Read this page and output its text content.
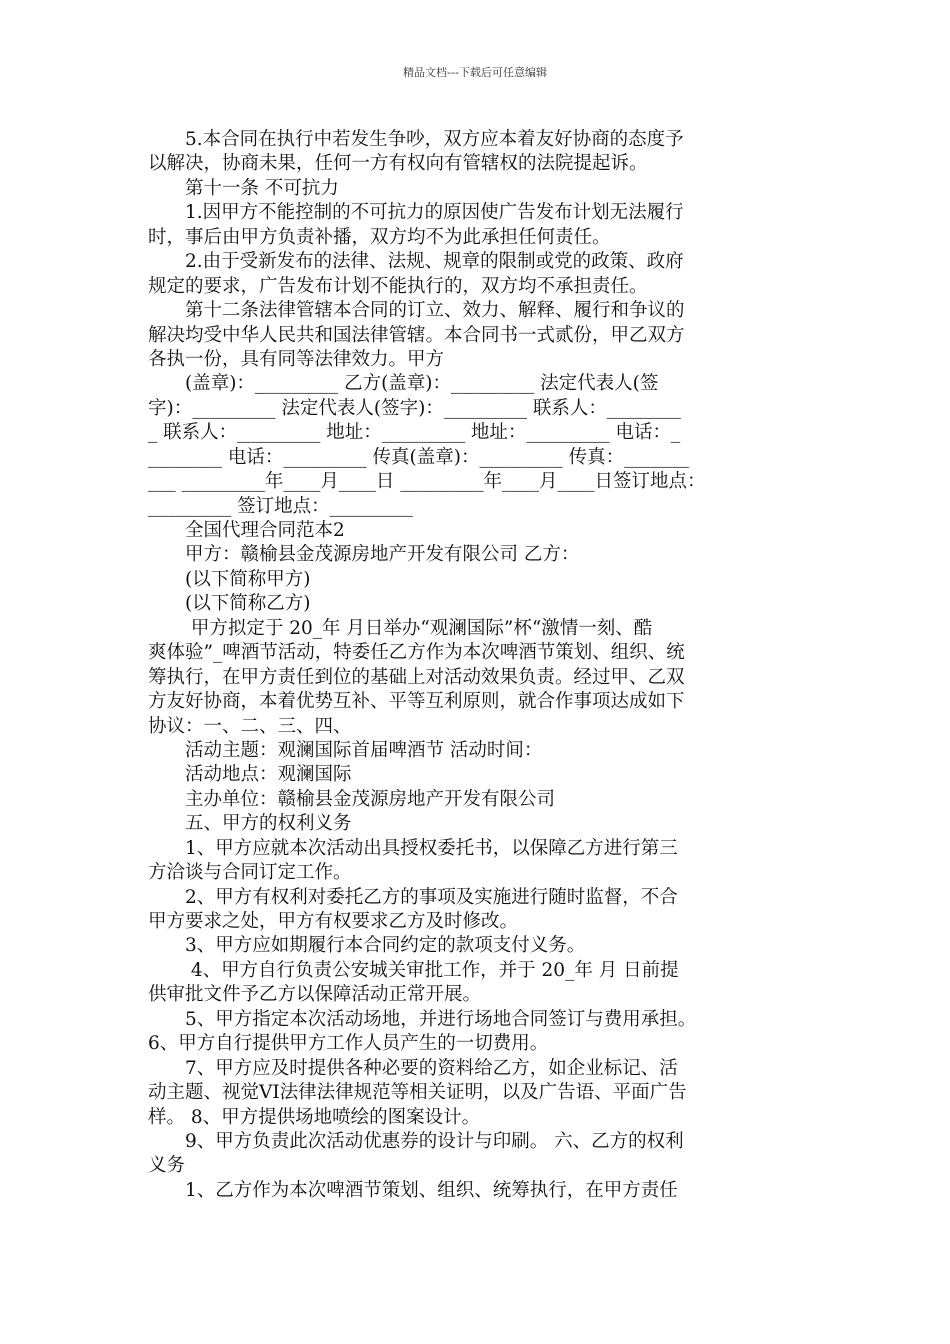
精品文档---下载后可任意编辑
　　5.本合同在执行中若发生争吵，双方应本着友好协商的态度予
以解决，协商未果，任何一方有权向有管辖权的法院提起诉。
　　第十一条 不可抗力
　　1.因甲方不能控制的不可抗力的原因使广告发布计划无法履行
时，事后由甲方负责补播，双方均不为此承担任何责任。
　　2.由于受新发布的法律、法规、规章的限制或党的政策、政府
规定的要求，广告发布计划不能执行的，双方均不承担责任。
　　第十二条法律管辖本合同的订立、效力、解释、履行和争议的
解决均受中华人民共和国法律管辖。本合同书一式贰份，甲乙双方
各执一份，具有同等法律效力。甲方
　　(盖章)：_________ 乙方(盖章)：_________ 法定代表人(签
字)：_________ 法定代表人(签字)：_________ 联系人：________
_ 联系人：_________ 地址：_________ 地址：_________ 电话：_
________ 电话：_________ 传真(盖章)：_________ 传真：_______
___ _________年____月____日 _________年____月____日签订地点：
_________ 签订地点：_________
　　全国代理合同范本2
　　甲方：赣榆县金茂源房地产开发有限公司 乙方：
　　(以下简称甲方)
　　(以下简称乙方)
　　 甲方拟定于 20_年 月日举办“观澜国际”杯“激情一刻、酷
爽体验”_啤酒节活动，特委任乙方作为本次啤酒节策划、组织、统
筹执行，在甲方责任到位的基础上对活动效果负责。经过甲、乙双
方友好协商，本着优势互补、平等互利原则，就合作事项达成如下
协议：一、二、三、四、
　　活动主题：观澜国际首届啤酒节 活动时间：
　　活动地点：观澜国际
　　主办单位：赣榆县金茂源房地产开发有限公司
　　五、甲方的权利义务
　　1、甲方应就本次活动出具授权委托书，以保障乙方进行第三
方洽谈与合同订定工作。
　　2、甲方有权利对委托乙方的事项及实施进行随时监督，不合
甲方要求之处，甲方有权要求乙方及时修改。
　　3、甲方应如期履行本合同约定的款项支付义务。
　　 4、甲方自行负责公安城关审批工作，并于 20_年 月 日前提
供审批文件予乙方以保障活动正常开展。
　　5、甲方指定本次活动场地，并进行场地合同签订与费用承担。
6、甲方自行提供甲方工作人员产生的一切费用。
　　7、甲方应及时提供各种必要的资料给乙方，如企业标记、活
动主题、视觉VI法律法律规范等相关证明，以及广告语、平面广告
样。 8、甲方提供场地喷绘的图案设计。
　　9、甲方负责此次活动优惠券的设计与印刷。 六、乙方的权利
义务
　　1、乙方作为本次啤酒节策划、组织、统筹执行，在甲方责任
